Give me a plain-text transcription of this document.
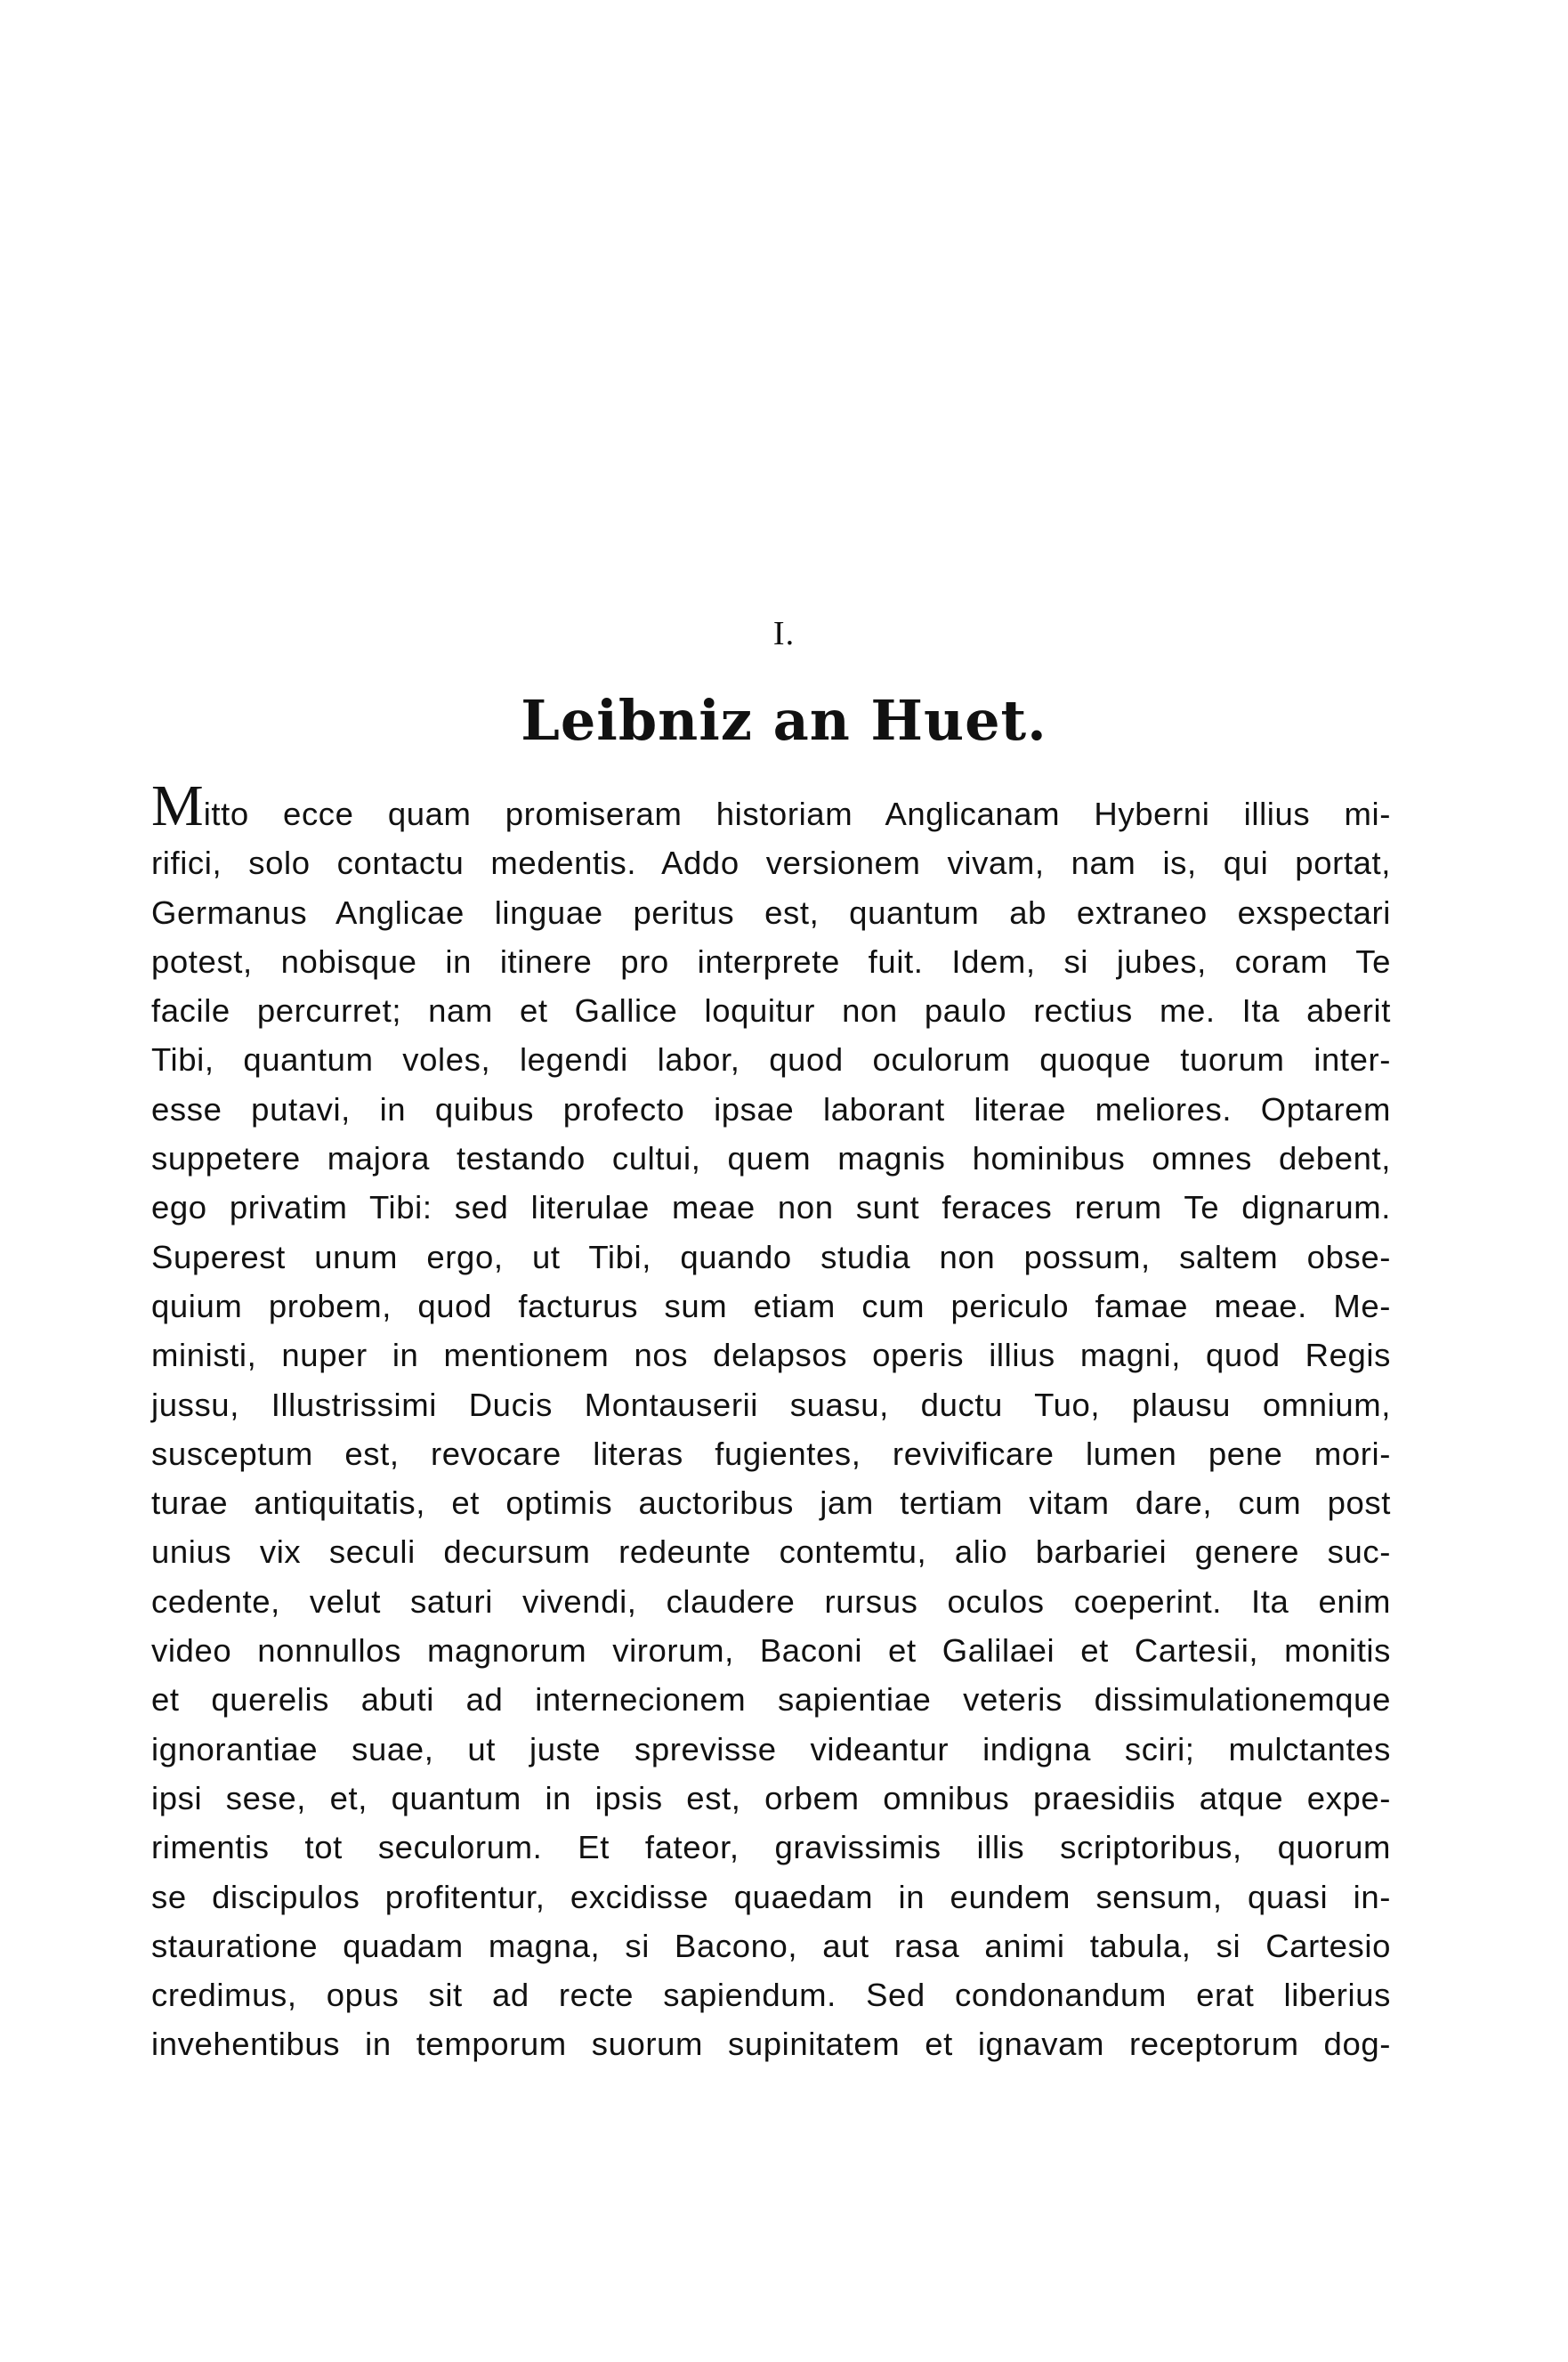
I.
Leibniz an Huet.
Mitto ecce quam promiseram historiam Anglicanam Hyberni illius mi-
rifici, solo contactu medentis. Addo versionem vivam, nam is, qui portat,
Germanus Anglicae linguae peritus est, quantum ab extraneo exspectari
potest, nobisque in itinere pro interprete fuit. Idem, si jubes, coram Te
facile percurret; nam et Gallice loquitur non paulo rectius me. Ita aberit
Tibi, quantum voles, legendi labor, quod oculorum quoque tuorum inter-
esse putavi, in quibus profecto ipsae laborant literae meliores. Optarem
suppetere majora testando cultui, quem magnis hominibus omnes debent,
ego privatim Tibi: sed literulae meae non sunt feraces rerum Te dignarum.
Superest unum ergo, ut Tibi, quando studia non possum, saltem obse-
quium probem, quod facturus sum etiam cum periculo famae meae. Me-
ministi, nuper in mentionem nos delapsos operis illius magni, quod Regis
jussu, Illustrissimi Ducis Montauserii suasu, ductu Tuo, plausu omnium,
susceptum est, revocare literas fugientes, revivificare lumen pene mori-
turae antiquitatis, et optimis auctoribus jam tertiam vitam dare, cum post
unius vix seculi decursum redeunte contemtu, alio barbariei genere suc-
cedente, velut saturi vivendi, claudere rursus oculos coeperint. Ita enim
video nonnullos magnorum virorum, Baconi et Galilaei et Cartesii, monitis
et querelis abuti ad internecionem sapientiae veteris dissimulationemque
ignorantiae suae, ut juste sprevisse videantur indigna sciri; mulctantes
ipsi sese, et, quantum in ipsis est, orbem omnibus praesidiis atque expe-
rimentis tot seculorum. Et fateor, gravissimis illis scriptoribus, quorum
se discipulos profitentur, excidisse quaedam in eundem sensum, quasi in-
stauratione quadam magna, si Bacono, aut rasa animi tabula, si Cartesio
credimus, opus sit ad recte sapiendum. Sed condonandum erat liberius
invehentibus in temporum suorum supinitatem et ignavam receptorum dog-
